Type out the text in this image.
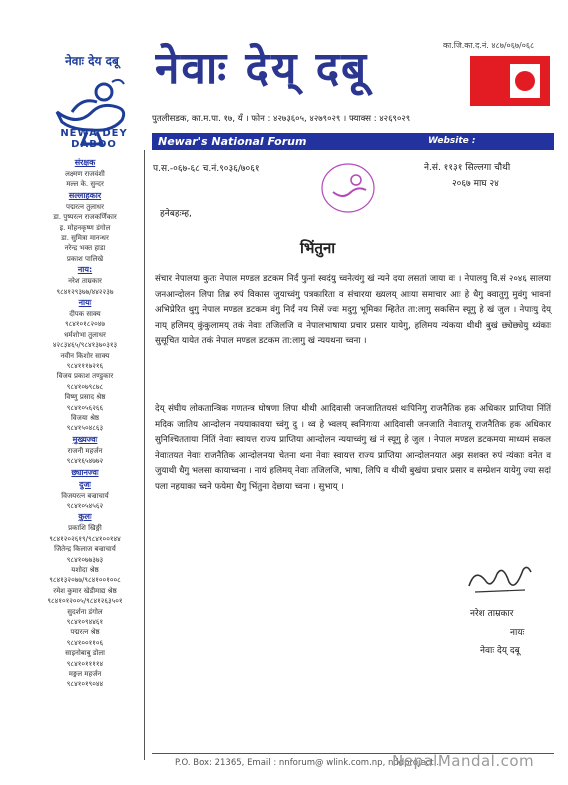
नेवाः देय दबू
NEWA DEY DABOO
नेवाः देय् दबू	का.जि.का.द.नं. ४८७/०६७/०६८
पुतलीसडक, का.म.पा. १७, यँ । फोन : ४२७३६०५, ४२७९०२९ । फ्याक्स : ४२६९०२९
Newar's National Forum	Website : www.deydaboo.org
संरक्षक
लक्ष्मण राजवंशी
मल्ल के. सुन्दर
सल्लाहकार
पद्मरत्न तुलाधर
डा. पुष्परत्न राजकर्णिकार
इ. मोहनकृष्ण डंगोल
डा. सुमित्रा मानन्धर
नरेन्द्र भक्त हाडा
प्रकाश पालिखे
नाय:
नरेश ताम्रकार
९८४१२९३७७/४४२२३७
नायः
दीपक साक्य
९८४१०१८२०४७
धर्मशोभा तुलाधर
४२८३४६५/९८४१३७०३१३
नवीन किशोर साक्य
९८४१११७२१६
विजय प्रकाश तण्डुकार
९८४१०७९८७८
विष्णु प्रसाद श्रेष्ठ
९८४१०५६२६६
विजया श्रेष्ठ
९८४१५०४८६३
मुख्यज्वः
राजनी महर्जन
९८४१६५४७७२
छ्यानज्वः
दुजः
विजयरत्न बज्राचार्य
९८४१०५४५६२
कुलः
प्रकाशि खिङ्गी
९८४१२०२६१९/९८४१००१४४
जितेन्द्र किलाज बज्राचार्य
९८४१०७७३७३
यशोदा श्रेष्ठ
९८४१३२०७७/९८४१००१००८
रमेश कुमार खेडीमाद्य श्रेष्ठ
९८४१०१२००५/९८४१२६३५०१
सुदर्शना डंगोल
९८४१०९४४६१
पद्मरत्न श्रेष्ठ
९८४१००११०६
साइनोबाबु डोला
९८४१०११११४
मङ्गल महर्जन
९८४१०१९०४४
प.स.-०६७-६८ च.नं.९०३६/७०६१	ने.सं. ११३१ सिल्लगा चौथी
२०६७ माघ २४
हनेबहःम्ह,
भिंतुना
संचार नेपालया कुतः नेपाल मण्डल डटकम निर्दं फुनां स्वदंयु च्वनेत्यंगु खं न्यने दया लसतां जाया वः । नेपालयु वि.सं २०४६ सालया जनआन्दोलन लिपा तिब्र रुपं विकास जुयाच्वंगु पत्रकारिता व संचारया ख्यलय् आःया समाचार आः हे धैगु क्वातुगु मुवंगु भावनां अभिप्रेरित थुगु नेपाल मण्डल डटकम वंगु निर्दं नय निसें ज्वः मदुगु भूमिका म्हितेत ता:लागु सकसिन स्यूगु हे खं जुल । नेपाःयु देय् नाय् हलिमय् कुंकुलामय् तकं नेवाः तजिलजि व नेपालभाषाया प्रचार प्रसार यायेगु, हलिमय न्यंकया थीथी बुखं छ्येछ्येयु थ्यंकाः सुसूचित यायेत तकं नेपाल मण्डल डटकम ता:लागु खं न्ययथना च्वना ।
देय् संघीय लोकतान्त्रिक गणतन्त्र घोषणा लिपा थीथी आदिवासी जनजातितयसं थःपिनिगु राजनैतिक हक अधिकार प्राप्तिया निंतिं मदिक जातिय आन्दोलन नययाकावया च्वंगु दु । थ्व हे भ्वलय् स्वनिगःया आदिवासी जनजाति नेवाःतयू राजनैतिक हक अधिकार सुनिश्चितताया निंतिं नेवाः स्वायत्त राज्य प्राप्तिया आन्दोलन न्ययाच्वंगु खं नं स्यूगु हे जुल । नेपाल मण्डल डटकमया माध्यमं सकल नेवाःतयत नेवाः राजनैतिक आन्दोलनया चेतना थना नेवाः स्वायत्त राज्य प्राप्तिया आन्दोलनयात अझ सशक्त रुपं न्यंकाः वनेत व जुयाथी धैगु भलसा कायाच्वना । नायं हलिमय् नेवाः तजिलजि, भाषा, लिपि व थीथी बुखंया प्रचार प्रसार व सम्प्रेशन यायेगु ज्या सदां पला नहयाका च्वने फयेमा धैगु भिंतुना देछाया च्वना । सुभाय् ।
नरेश ताम्रकार
नायः
नेवाः देय् दबू
P.O. Box: 21365, Email : nnforum@ wlink.com.np, nddproject...
NepalMandal.com
